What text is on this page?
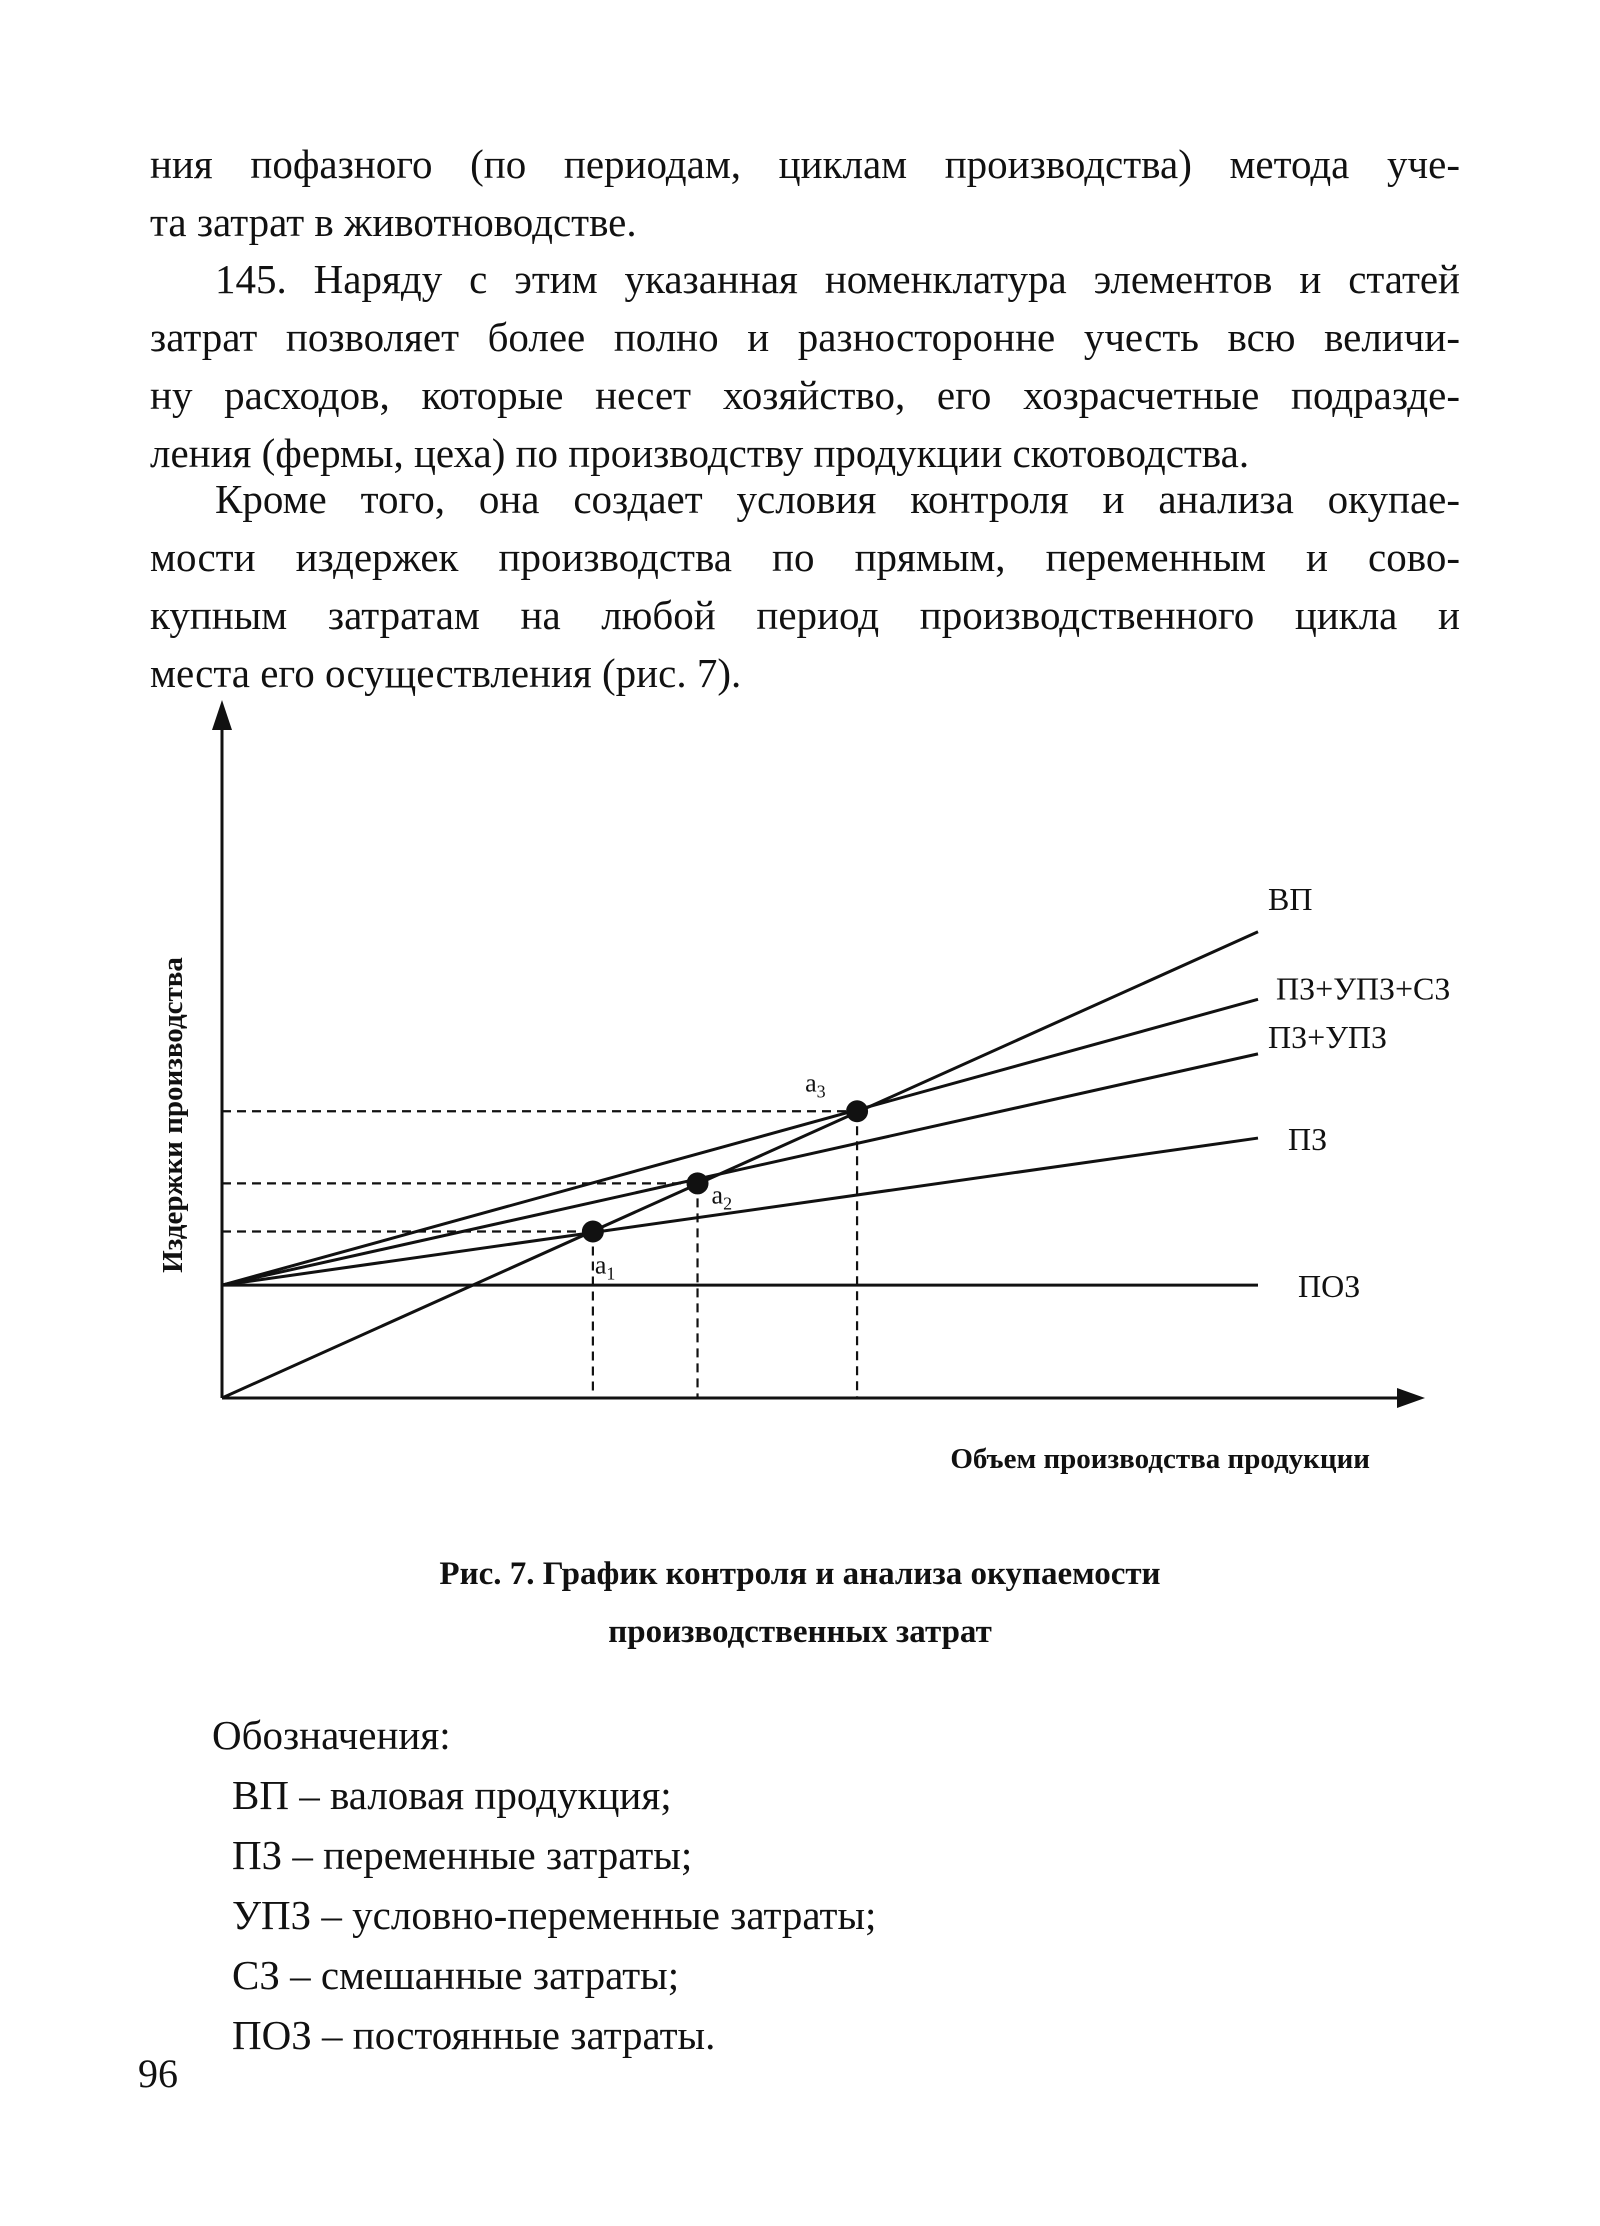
ния пофазного (по периодам, циклам производства) метода уче-
та затрат в животноводстве.
145. Наряду с этим указанная номенклатура элементов и статей
затрат позволяет более полно и разносторонне учесть всю величи-
ну расходов, которые несет хозяйство, его хозрасчетные подразде-
ления (фермы, цеха) по производству продукции скотоводства.
Кроме того, она создает условия контроля и анализа окупае-
мости издержек производства по прямым, переменным и сово-
купным затратам на любой период производственного цикла и
места его осуществления (рис. 7).
ВП
ПЗ+УПЗ+СЗ
ПЗ+УПЗ
ПЗ
ПОЗ
$a_1$
$a_2$
$a_3$
Издержки производства
Объем производства продукции
Рис. 7. График контроля и анализа окупаемости
производственных затрат
Обозначения:
ВП – валовая продукция;
ПЗ – переменные затраты;
УПЗ – условно-переменные затраты;
СЗ – смешанные затраты;
ПОЗ – постоянные затраты.
96
